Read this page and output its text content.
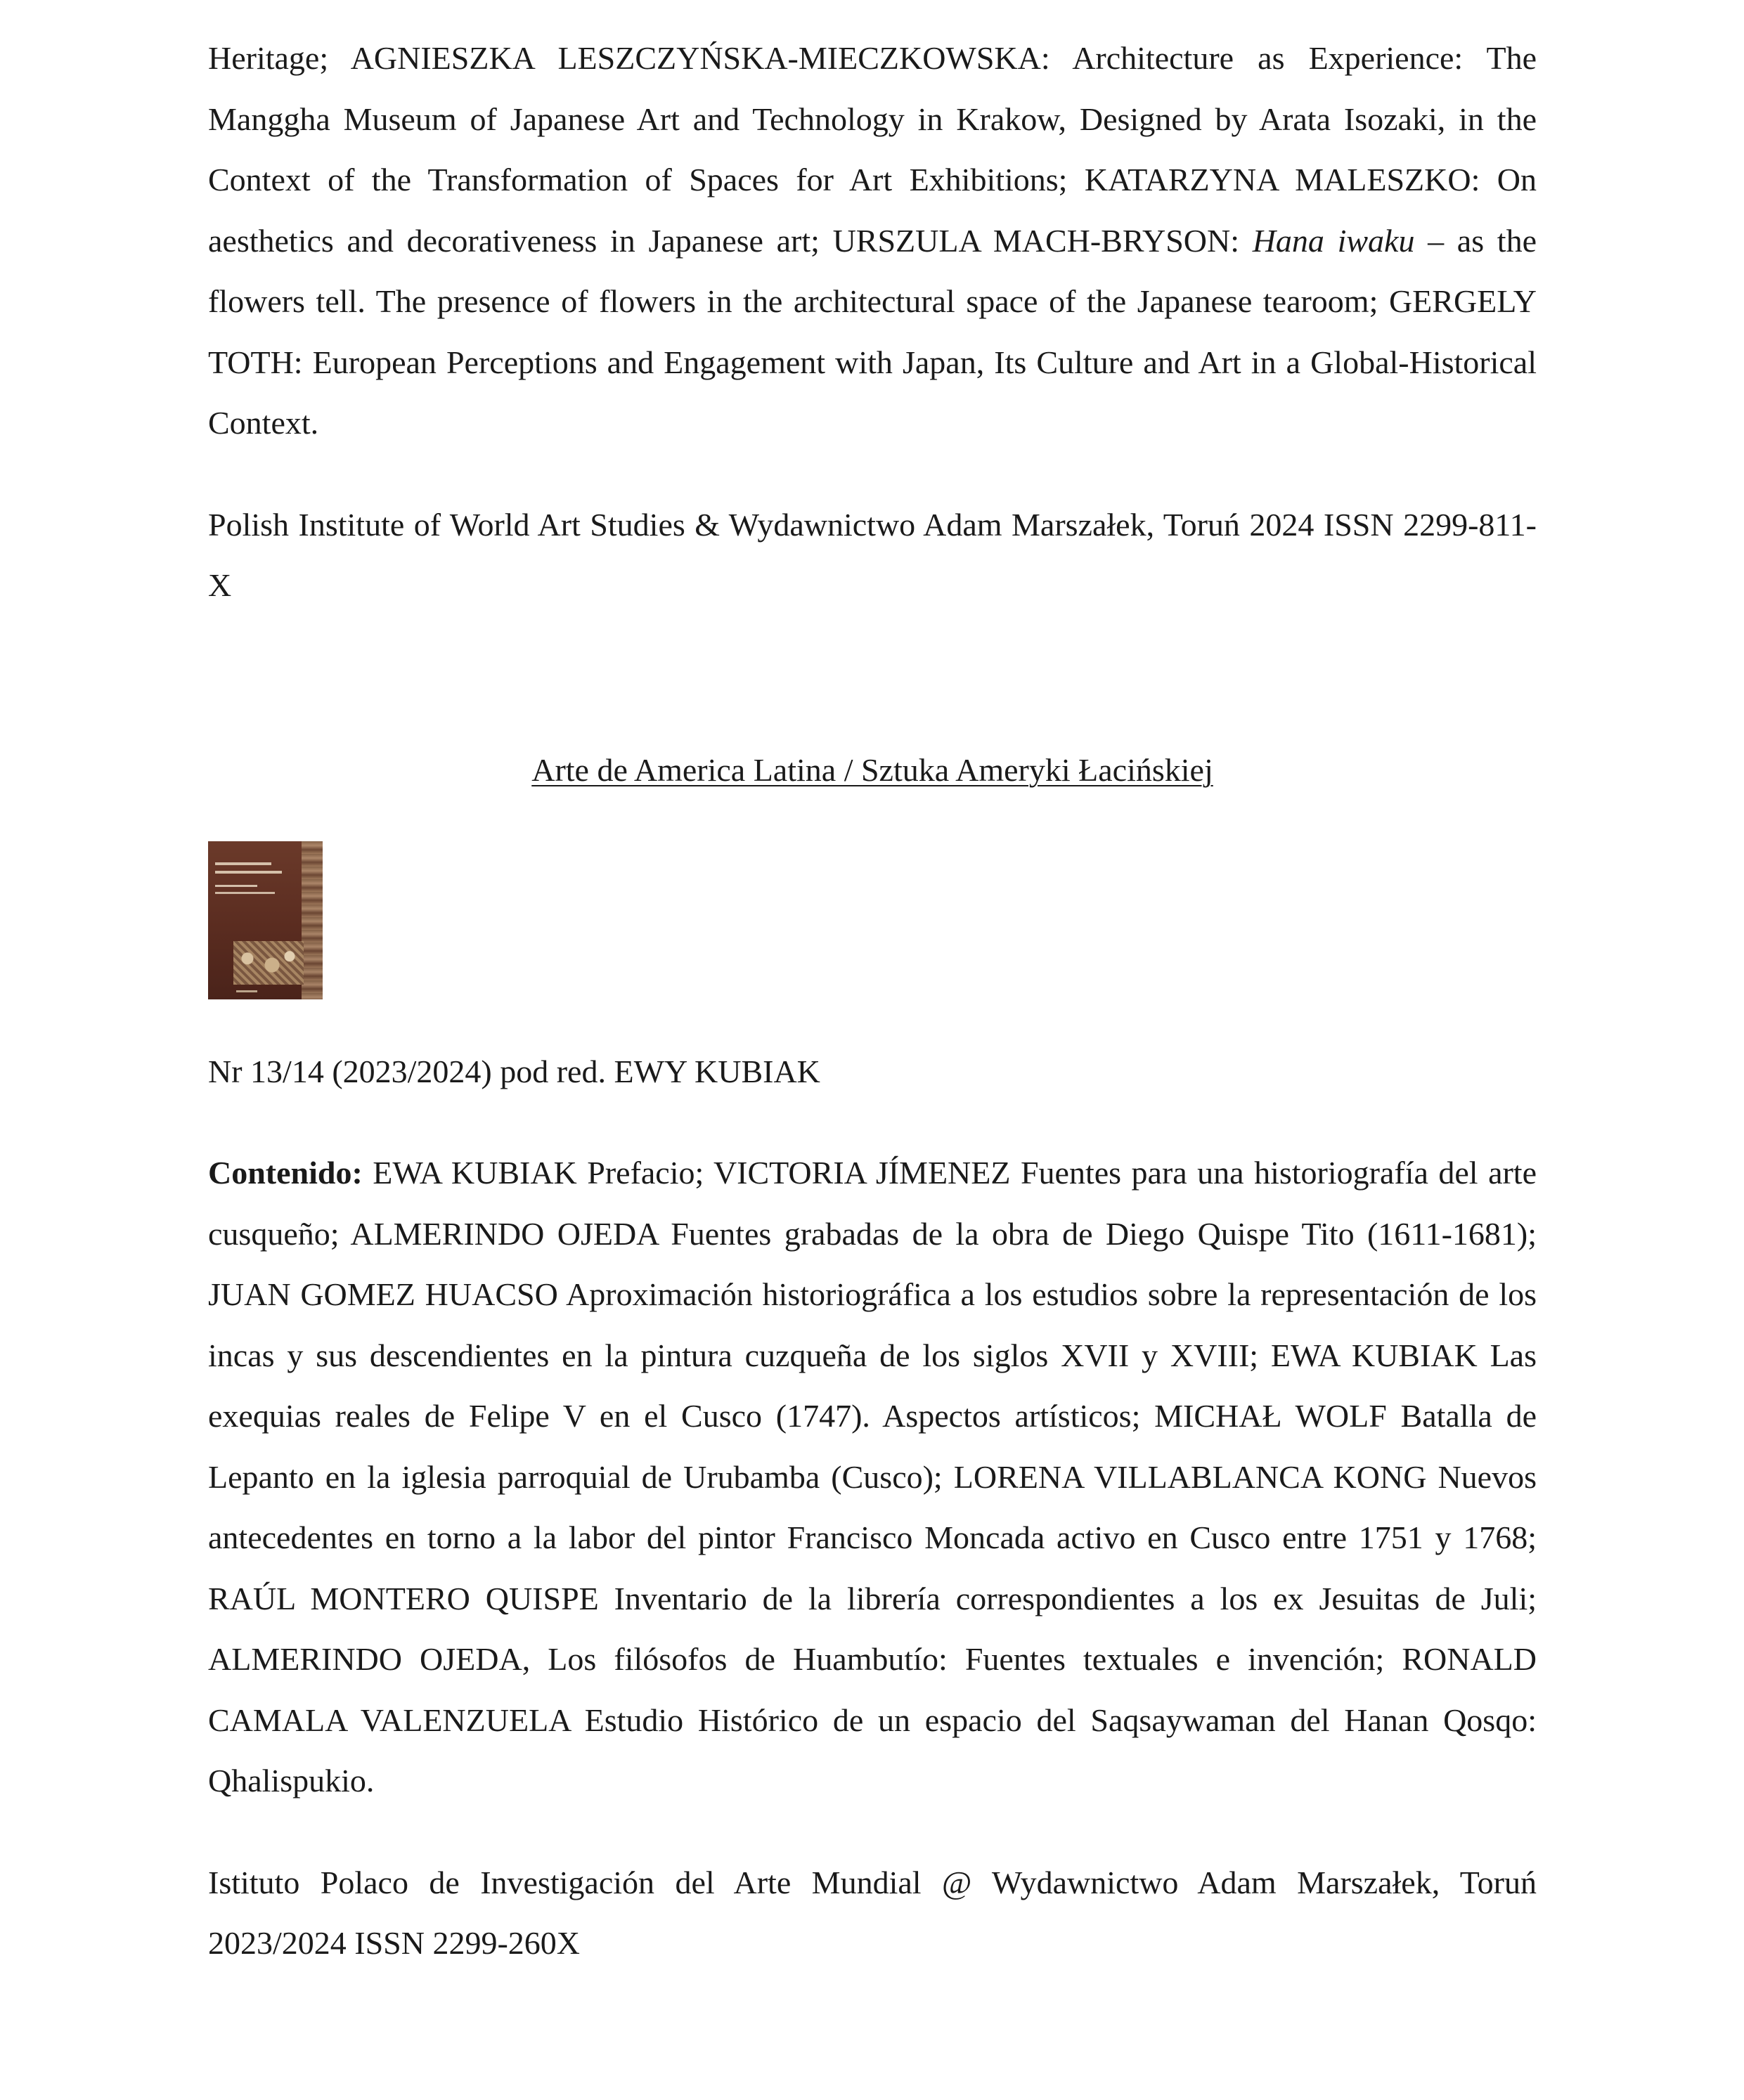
Heritage; AGNIESZKA LESZCZYŃSKA-MIECZKOWSKA: Architecture as Experience: The Manggha Museum of Japanese Art and Technology in Krakow, Designed by Arata Isozaki, in the Context of the Transformation of Spaces for Art Exhibitions; KATARZYNA MALESZKO: On aesthetics and decorativeness in Japanese art; URSZULA MACH-BRYSON: Hana iwaku – as the flowers tell. The presence of flowers in the architectural space of the Japanese tearoom; GERGELY TOTH: European Perceptions and Engagement with Japan, Its Culture and Art in a Global-Historical Context.

Polish Institute of World Art Studies & Wydawnictwo Adam Marszałek, Toruń 2024 ISSN 2299-811-X

Arte de America Latina / Sztuka Ameryki Łacińskiej

Nr 13/14 (2023/2024) pod red. EWY KUBIAK

Contenido: EWA KUBIAK Prefacio; VICTORIA JÍMENEZ Fuentes para una historiografía del arte cusqueño; ALMERINDO OJEDA Fuentes grabadas de la obra de Diego Quispe Tito (1611-1681); JUAN GOMEZ HUACSO Aproximación historiográfica a los estudios sobre la representación de los incas y sus descendientes en la pintura cuzqueña de los siglos XVII y XVIII; EWA KUBIAK Las exequias reales de Felipe V en el Cusco (1747). Aspectos artísticos; MICHAŁ WOLF Batalla de Lepanto en la iglesia parroquial de Urubamba (Cusco); LORENA VILLABLANCA KONG Nuevos antecedentes en torno a la labor del pintor Francisco Moncada activo en Cusco entre 1751 y 1768; RAÚL MONTERO QUISPE Inventario de la librería correspondientes a los ex Jesuitas de Juli; ALMERINDO OJEDA, Los filósofos de Huambutío: Fuentes textuales e invención; RONALD CAMALA VALENZUELA Estudio Histórico de un espacio del Saqsaywaman del Hanan Qosqo: Qhalispukio.

Istituto Polaco de Investigación del Arte Mundial @ Wydawnictwo Adam Marszałek, Toruń 2023/2024 ISSN 2299-260X
